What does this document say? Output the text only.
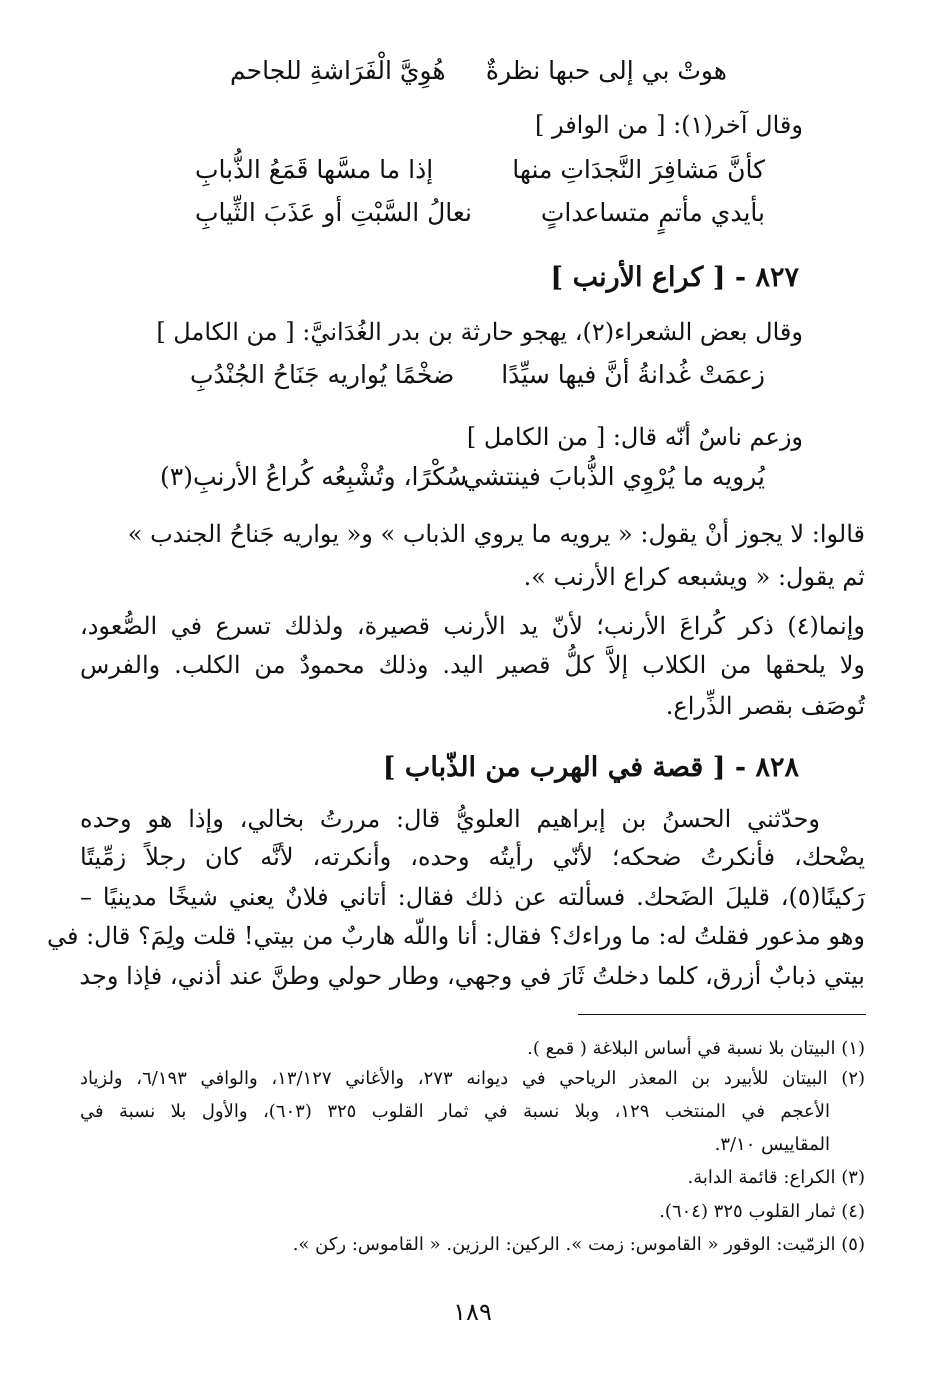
هوتْ بي إلى حبها نظرةٌ
هُوِيَّ الْفَرَاشةِ للجاحم
وقال آخر(١): [ من الوافر ]
كأنَّ مَشافِرَ النَّجدَاتِ منها
إذا ما مسَّها قَمَعُ الذُّبابِ
بأيدي مأتمٍ متساعداتٍ
نعالُ السَّبْتِ أو عَذَبَ الثِّيابِ
٨٢٧ - [ كراع الأرنب ]
وقال بعض الشعراء(٢)، يهجو حارثة بن بدر الغُدَانيَّ: [ من الكامل ]
زعمَتْ غُدانةُ أنَّ فيها سيِّدًا
ضخْمًا يُواريه جَنَاحُ الجُنْدُبِ
وزعم ناسٌ أنّه قال: [ من الكامل ]
يُرويه ما يُرْوِي الذُّبابَ فينتشي
سُكْرًا، وتُشْبِعُه كُراعُ الأرنبِ(٣)
قالوا: لا يجوز أنْ يقول: « يرويه ما يروي الذباب » و« يواريه جَناحُ الجندب »
ثم يقول: « ويشبعه كراع الأرنب ».
وإنما(٤) ذكر كُراعَ الأرنب؛ لأنّ يد الأرنب قصيرة، ولذلك تسرع في الصُّعود،
ولا يلحقها من الكلاب إلاَّ كلُّ قصير اليد. وذلك محمودٌ من الكلب. والفرس
تُوصَف بقصر الذِّراع.
٨٢٨ - [ قصة في الهرب من الذّباب ]
وحدّثني الحسنُ بن إبراهيم العلويُّ قال: مررتُ بخالي، وإذا هو وحده
يضْحك، فأنكرتُ ضحكه؛ لأنّي رأيتُه وحده، وأنكرته، لأنَّه كان رجلاً زمِّيتًا
رَكينًا(٥)، قليلَ الضَحك. فسألته عن ذلك فقال: أتاني فلانٌ يعني شيخًا مدينيًا –
وهو مذعور فقلتُ له: ما وراءك؟ فقال: أنا واللّه هاربٌ من بيتي! قلت ولِمَ؟ قال: في
بيتي ذبابٌ أزرق، كلما دخلتُ ثَارَ في وجهي، وطار حولي وطنَّ عند أذني، فإذا وجد
(١) البيتان بلا نسبة في أساس البلاغة ( قمع ).
(٢) البيتان للأبيرد بن المعذر الرياحي في ديوانه ٢٧٣، والأغاني ١٣/١٢٧، والوافي ٦/١٩٣، ولزياد
الأعجم في المنتخب ١٢٩، وبلا نسبة في ثمار القلوب ٣٢٥ (٦٠٣)، والأول بلا نسبة في
المقاييس ٣/١٠.
(٣) الكراع: قائمة الدابة.
(٤) ثمار القلوب ٣٢٥ (٦٠٤).
(٥) الزمّيت: الوقور « القاموس: زمت ». الركين: الرزين. « القاموس: ركن ».
١٨٩
